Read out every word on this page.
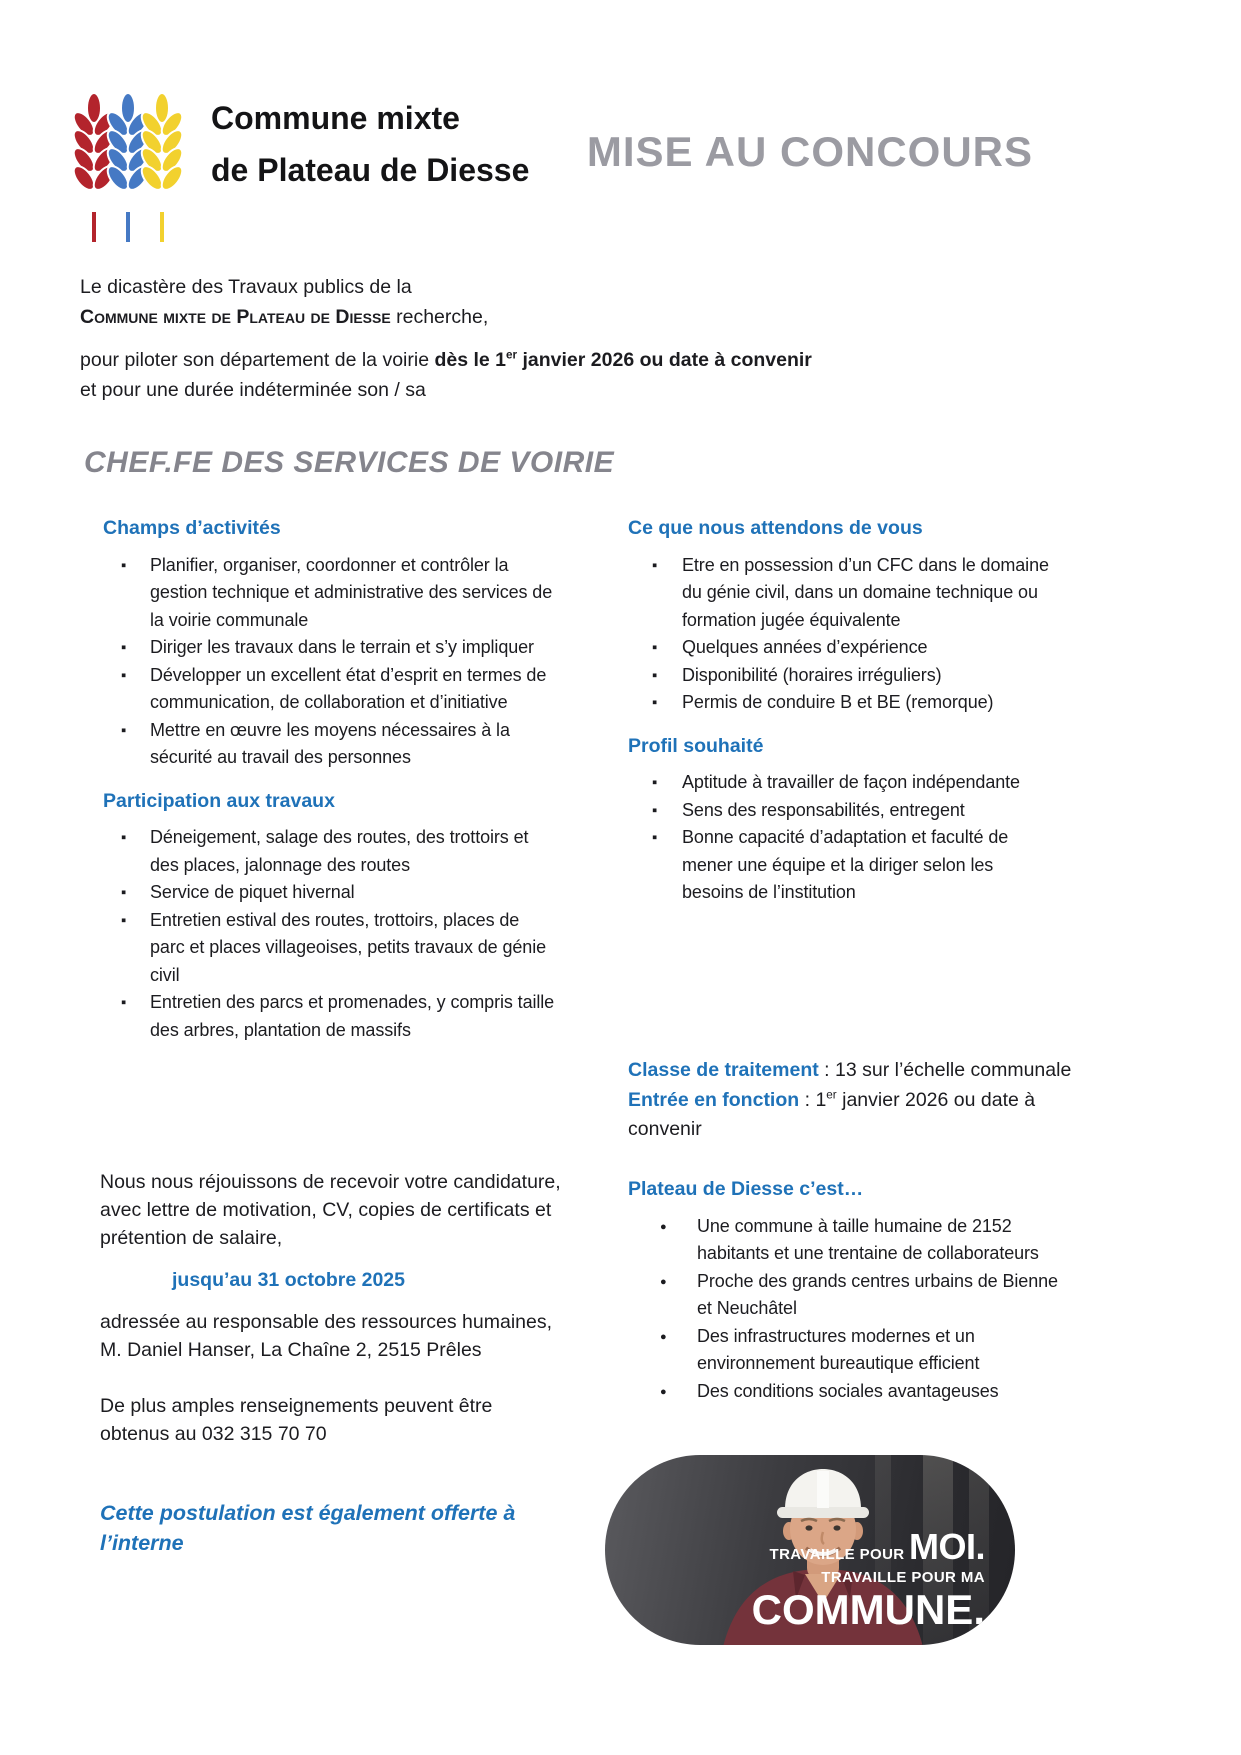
Commune mixte
de Plateau de Diesse MISE AU CONCOURS

Le dicastère des Travaux publics de la
Commune mixte de Plateau de Diesse recherche,

pour piloter son département de la voirie dès le 1er janvier 2026 ou date à convenir
et pour une durée indéterminée son / sa

CHEF.FE DES SERVICES DE VOIRIE
Champs d’activités
▪ Planifier, organiser, coordonner et contrôler la gestion technique et administrative des services de la voirie communale
▪ Diriger les travaux dans le terrain et s’y impliquer
▪ Développer un excellent état d’esprit en termes de communication, de collaboration et d’initiative
▪ Mettre en œuvre les moyens nécessaires à la sécurité au travail des personnes
Participation aux travaux
▪ Déneigement, salage des routes, des trottoirs et des places, jalonnage des routes
▪ Service de piquet hivernal
▪ Entretien estival des routes, trottoirs, places de parc et places villageoises, petits travaux de génie civil
▪ Entretien des parcs et promenades, y compris taille des arbres, plantation de massifs
Ce que nous attendons de vous
▪ Etre en possession d’un CFC dans le domaine du génie civil, dans un domaine technique ou formation jugée équivalente
▪ Quelques années d’expérience
▪ Disponibilité (horaires irréguliers)
▪ Permis de conduire B et BE (remorque)
Profil souhaité
▪ Aptitude à travailler de façon indépendante
▪ Sens des responsabilités, entregent
▪ Bonne capacité d’adaptation et faculté de mener une équipe et la diriger selon les besoins de l’institution
Classe de traitement : 13 sur l’échelle communale
Entrée en fonction : 1er janvier 2026 ou date à convenir
Plateau de Diesse c’est…
● Une commune à taille humaine de 2152 habitants et une trentaine de collaborateurs
● Proche des grands centres urbains de Bienne et Neuchâtel
● Des infrastructures modernes et un environnement bureautique efficient
● Des conditions sociales avantageuses

Nous nous réjouissons de recevoir votre candidature, avec lettre de motivation, CV, copies de certificats et prétention de salaire,

jusqu’au 31 octobre 2025

adressée au responsable des ressources humaines, M. Daniel Hanser, La Chaîne 2, 2515 Prêles

De plus amples renseignements peuvent être obtenus au 032 315 70 70

Cette postulation est également offerte à l’interne	TRAVAILLE POUR MOI.
TRAVAILLE POUR MA
COMMUNE.
